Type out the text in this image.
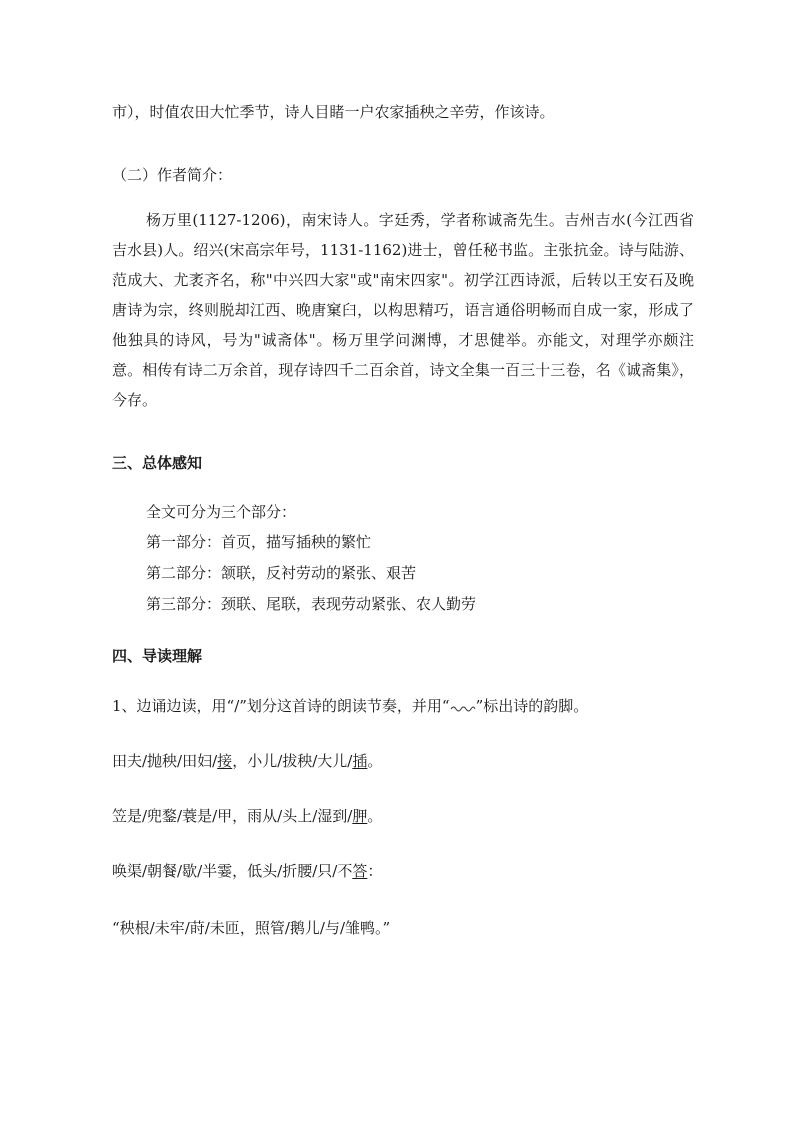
市），时值农田大忙季节，诗人目睹一户农家插秧之辛劳，作该诗。
（二）作者简介：
杨万里(1127-1206)，南宋诗人。字廷秀，学者称诚斋先生。吉州吉水(今江西省吉水县)人。绍兴(宋高宗年号，1131-1162)进士，曾任秘书监。主张抗金。诗与陆游、范成大、尤袤齐名，称"中兴四大家"或"南宋四家"。初学江西诗派，后转以王安石及晚唐诗为宗，终则脱却江西、晚唐窠臼，以构思精巧，语言通俗明畅而自成一家，形成了他独具的诗风，号为"诚斋体"。杨万里学问渊博，才思健举。亦能文，对理学亦颇注意。相传有诗二万余首，现存诗四千二百余首，诗文全集一百三十三卷，名《诚斋集》，今存。
三、总体感知
全文可分为三个部分：
第一部分：首页，描写插秧的繁忙
第二部分：颔联，反衬劳动的紧张、艰苦
第三部分：颈联、尾联，表现劳动紧张、农人勤劳
四、导读理解
1、边诵边读，用“/”划分这首诗的朗读节奏，并用“ ”标出诗的韵脚。
田夫/抛秧/田妇/接，小儿/拔秧/大儿/插。
笠是/兜鍪/蓑是/甲，雨从/头上/湿到/胛。
唤渠/朝餐/歇/半霎，低头/折腰/只/不答：
“秧根/未牢/莳/未匝，照管/鹅儿/与/雏鸭。”
